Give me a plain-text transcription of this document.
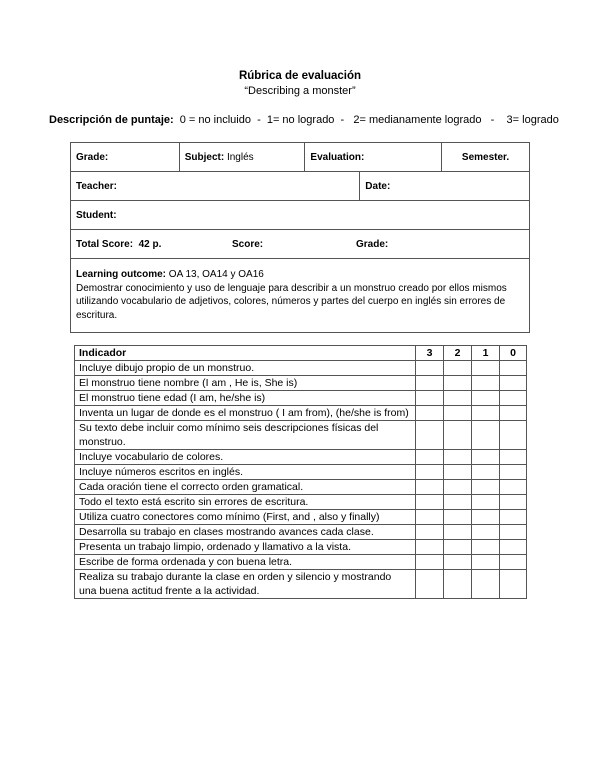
Rúbrica de evaluación
“Describing a monster”
Descripción de puntaje: 0 = no incluido  -  1= no logrado  -   2= medianamente logrado   -    3= logrado
Grade:	Subject: Inglés	Evaluation:		Semester.
Teacher:			Date:	
Student:				
Total Score: 42 p. Score: Grade:				
Learning outcome: OA 13, OA14 y OA16
Demostrar conocimiento y uso de lenguaje para describir a un monstruo creado por ellos mismos utilizando vocabulario de adjetivos, colores, números y partes del cuerpo en inglés sin errores de escritura.				
Indicador	3	2	1	0
Incluye dibujo propio de un monstruo.				
El monstruo tiene nombre (I am , He is, She is)				
El monstruo tiene edad (I am, he/she is)				
Inventa un lugar de donde es el monstruo ( I am from), (he/she is from)				
Su texto debe incluir como mínimo seis descripciones físicas del monstruo.				
Incluye vocabulario de colores.				
Incluye números escritos en inglés.				
Cada oración tiene el correcto orden gramatical.				
Todo el texto está escrito sin errores de escritura.				
Utiliza cuatro conectores como mínimo (First, and , also y finally)				
Desarrolla su trabajo en clases mostrando avances cada clase.				
Presenta un trabajo limpio, ordenado y llamativo a la vista.				
Escribe de forma ordenada y con buena letra.				
Realiza su trabajo durante la clase en orden y silencio y mostrando una buena actitud frente a la actividad.				
